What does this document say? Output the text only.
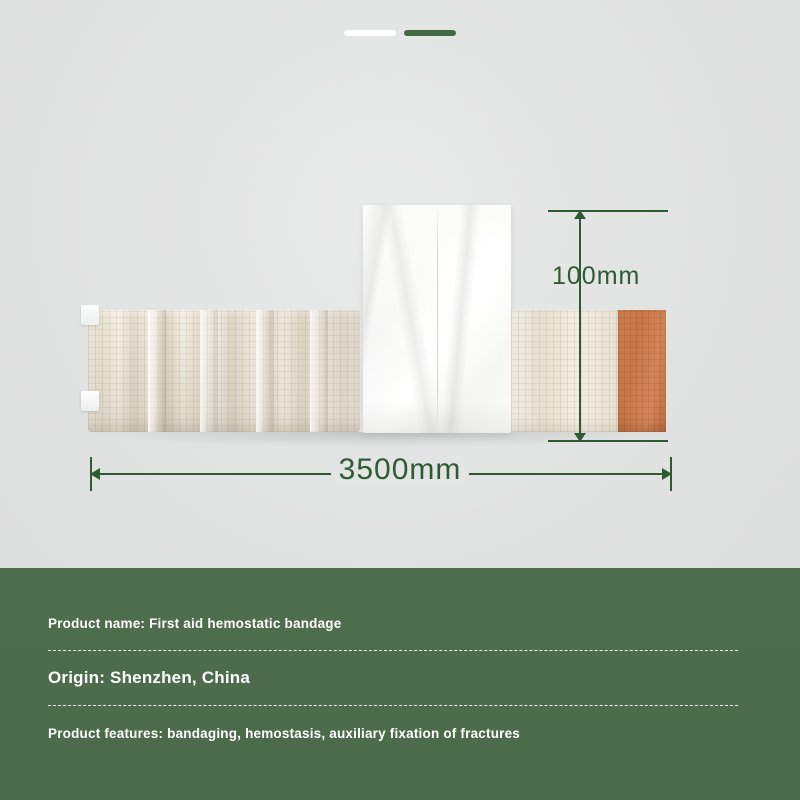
100mm
3500mm
Product name: First aid hemostatic bandage
Origin: Shenzhen, China
Product features: bandaging, hemostasis, auxiliary fixation of fractures
